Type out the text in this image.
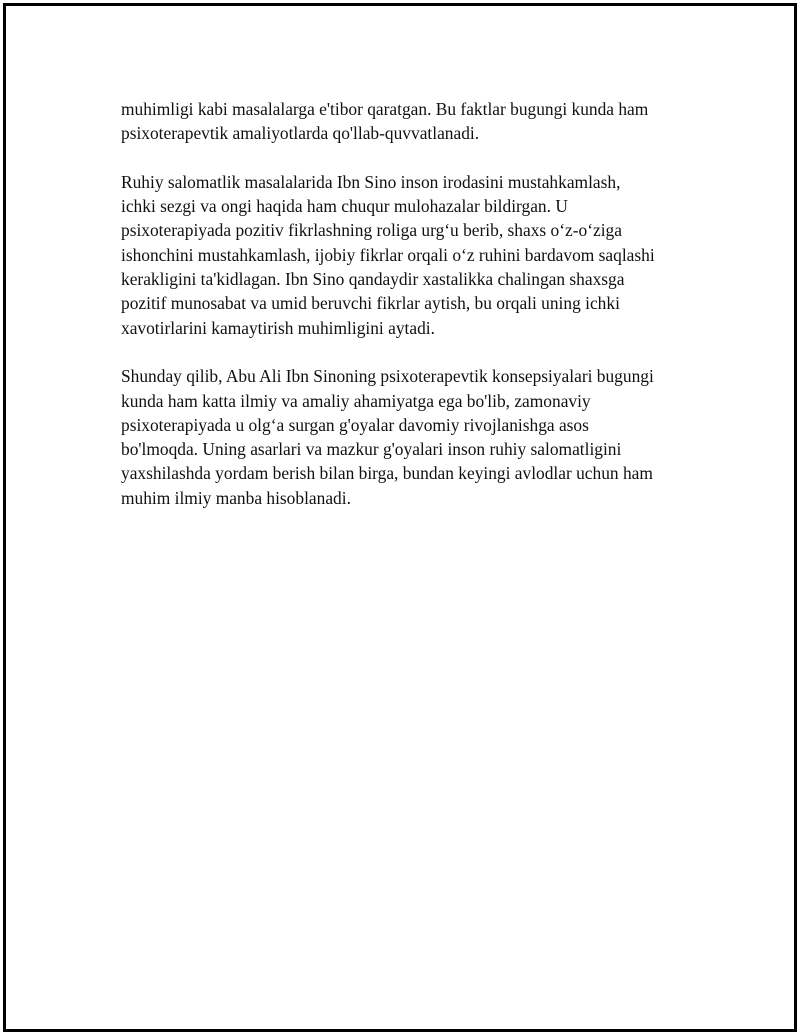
muhimligi kabi masalalarga e'tibor qaratgan. Bu faktlar bugungi kunda ham
psixoterapevtik amaliyotlarda qo'llab-quvvatlanadi.
Ruhiy salomatlik masalalarida Ibn Sino inson irodasini mustahkamlash,
ichki sezgi va ongi haqida ham chuqur mulohazalar bildirgan. U
psixoterapiyada pozitiv fikrlashning roliga urg‘u berib, shaxs o‘z-o‘ziga
ishonchini mustahkamlash, ijobiy fikrlar orqali o‘z ruhini bardavom saqlashi
kerakligini ta'kidlagan. Ibn Sino qandaydir xastalikka chalingan shaxsga
pozitif munosabat va umid beruvchi fikrlar aytish, bu orqali uning ichki
xavotirlarini kamaytirish muhimligini aytadi.
Shunday qilib, Abu Ali Ibn Sinoning psixoterapevtik konsepsiyalari bugungi
kunda ham katta ilmiy va amaliy ahamiyatga ega bo'lib, zamonaviy
psixoterapiyada u olg‘a surgan g'oyalar davomiy rivojlanishga asos
bo'lmoqda. Uning asarlari va mazkur g'oyalari inson ruhiy salomatligini
yaxshilashda yordam berish bilan birga, bundan keyingi avlodlar uchun ham
muhim ilmiy manba hisoblanadi.
